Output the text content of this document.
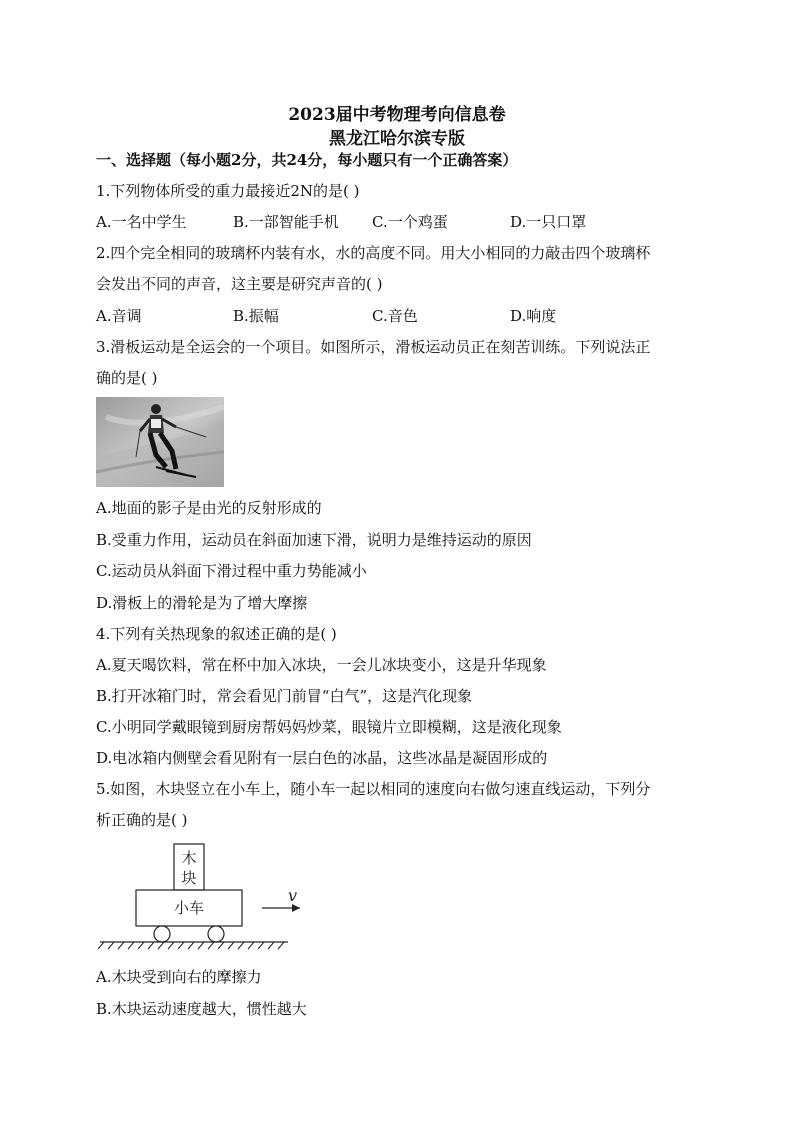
2023届中考物理考向信息卷
黑龙江哈尔滨专版
一、选择题（每小题2分，共24分，每小题只有一个正确答案）
1.下列物体所受的重力最接近2N的是( )
A.一名中学生	B.一部智能手机 C.一个鸡蛋	D.一只口罩
2.四个完全相同的玻璃杯内装有水，水的高度不同。用大小相同的力敲击四个玻璃杯
会发出不同的声音，这主要是研究声音的( )
A.音调	B.振幅	C.音色	D.响度
3.滑板运动是全运会的一个项目。如图所示，滑板运动员正在刻苦训练。下列说法正
确的是( )
A.地面的影子是由光的反射形成的
B.受重力作用，运动员在斜面加速下滑，说明力是维持运动的原因
C.运动员从斜面下滑过程中重力势能减小
D.滑板上的滑轮是为了增大摩擦
4.下列有关热现象的叙述正确的是( )
A.夏天喝饮料，常在杯中加入冰块，一会儿冰块变小，这是升华现象
B.打开冰箱门时，常会看见门前冒“白气”，这是汽化现象
C.小明同学戴眼镜到厨房帮妈妈炒菜，眼镜片立即模糊，这是液化现象
D.电冰箱内侧壁会看见附有一层白色的冰晶，这些冰晶是凝固形成的
5.如图，木块竖立在小车上，随小车一起以相同的速度向右做匀速直线运动，下列分
析正确的是( )
木
块
小车
v
A.木块受到向右的摩擦力
B.木块运动速度越大，惯性越大
